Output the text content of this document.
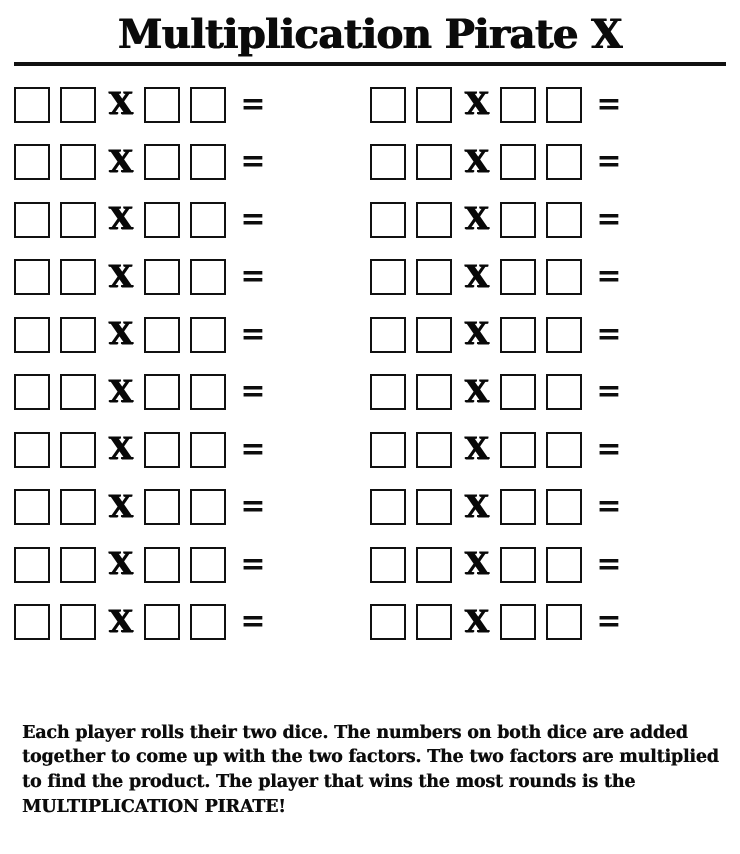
Multiplication Pirate X
X	=	X	=
X	=	X	=
X	=	X	=
X	=	X	=
X	=	X	=
X	=	X	=
X	=	X	=
X	=	X	=
X	=	X	=
X	=	X	=
Each player rolls their two dice. The numbers on both dice are added together to come up with the two factors. The two factors are multiplied to find the product. The player that wins the most rounds is the MULTIPLICATION PIRATE!
